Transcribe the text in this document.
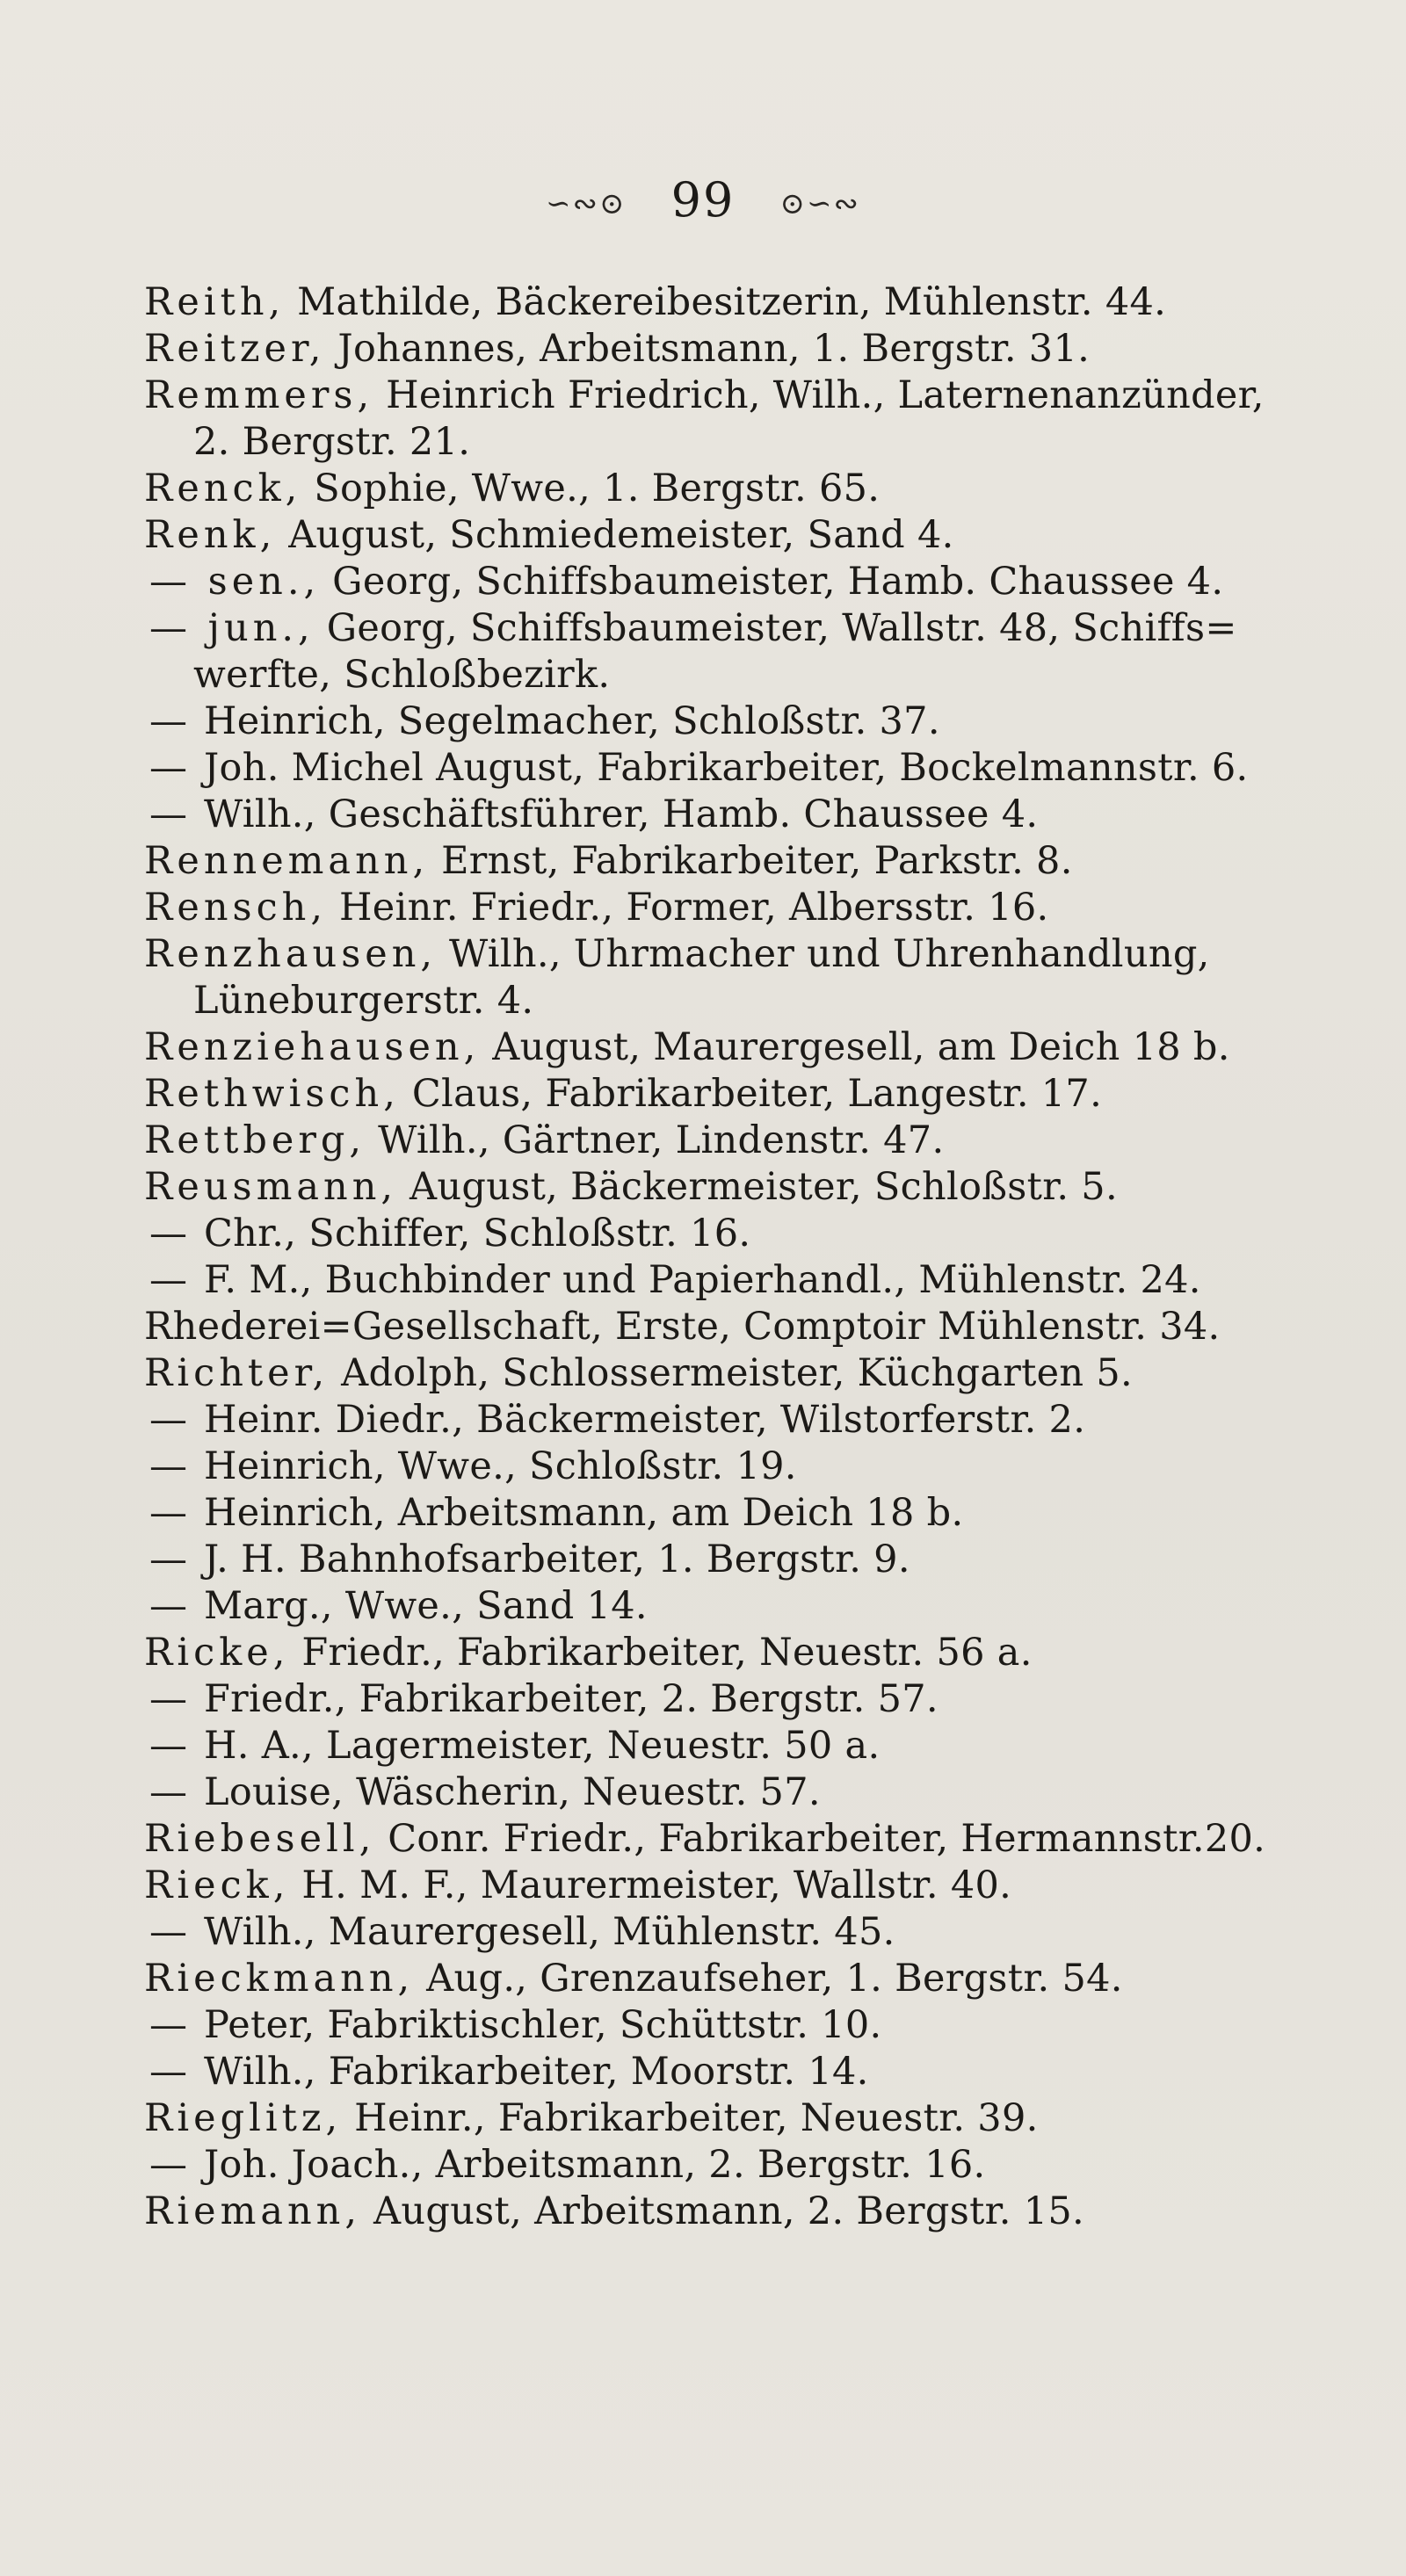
∽∾⊙ 99 ⊙∽∾
Reith, Mathilde, Bäckereibesitzerin, Mühlenstr. 44.
Reitzer, Johannes, Arbeitsmann, 1. Bergstr. 31.
Remmers, Heinrich Friedrich, Wilh., Laternenanzünder,
2. Bergstr. 21.
Renck, Sophie, Wwe., 1. Bergstr. 65.
Renk, August, Schmiedemeister, Sand 4.
— sen., Georg, Schiffsbaumeister, Hamb. Chaussee 4.
— jun., Georg, Schiffsbaumeister, Wallstr. 48, Schiffs=
werfte, Schloßbezirk.
— Heinrich, Segelmacher, Schloßstr. 37.
— Joh. Michel August, Fabrikarbeiter, Bockelmannstr. 6.
— Wilh., Geschäftsführer, Hamb. Chaussee 4.
Rennemann, Ernst, Fabrikarbeiter, Parkstr. 8.
Rensch, Heinr. Friedr., Former, Albersstr. 16.
Renzhausen, Wilh., Uhrmacher und Uhrenhandlung,
Lüneburgerstr. 4.
Renziehausen, August, Maurergesell, am Deich 18 b.
Rethwisch, Claus, Fabrikarbeiter, Langestr. 17.
Rettberg, Wilh., Gärtner, Lindenstr. 47.
Reusmann, August, Bäckermeister, Schloßstr. 5.
— Chr., Schiffer, Schloßstr. 16.
— F. M., Buchbinder und Papierhandl., Mühlenstr. 24.
Rhederei=Gesellschaft, Erste, Comptoir Mühlenstr. 34.
Richter, Adolph, Schlossermeister, Küchgarten 5.
— Heinr. Diedr., Bäckermeister, Wilstorferstr. 2.
— Heinrich, Wwe., Schloßstr. 19.
— Heinrich, Arbeitsmann, am Deich 18 b.
— J. H. Bahnhofsarbeiter, 1. Bergstr. 9.
— Marg., Wwe., Sand 14.
Ricke, Friedr., Fabrikarbeiter, Neuestr. 56 a.
— Friedr., Fabrikarbeiter, 2. Bergstr. 57.
— H. A., Lagermeister, Neuestr. 50 a.
— Louise, Wäscherin, Neuestr. 57.
Riebesell, Conr. Friedr., Fabrikarbeiter, Hermannstr.20.
Rieck, H. M. F., Maurermeister, Wallstr. 40.
— Wilh., Maurergesell, Mühlenstr. 45.
Rieckmann, Aug., Grenzaufseher, 1. Bergstr. 54.
— Peter, Fabriktischler, Schüttstr. 10.
— Wilh., Fabrikarbeiter, Moorstr. 14.
Rieglitz, Heinr., Fabrikarbeiter, Neuestr. 39.
— Joh. Joach., Arbeitsmann, 2. Bergstr. 16.
Riemann, August, Arbeitsmann, 2. Bergstr. 15.
